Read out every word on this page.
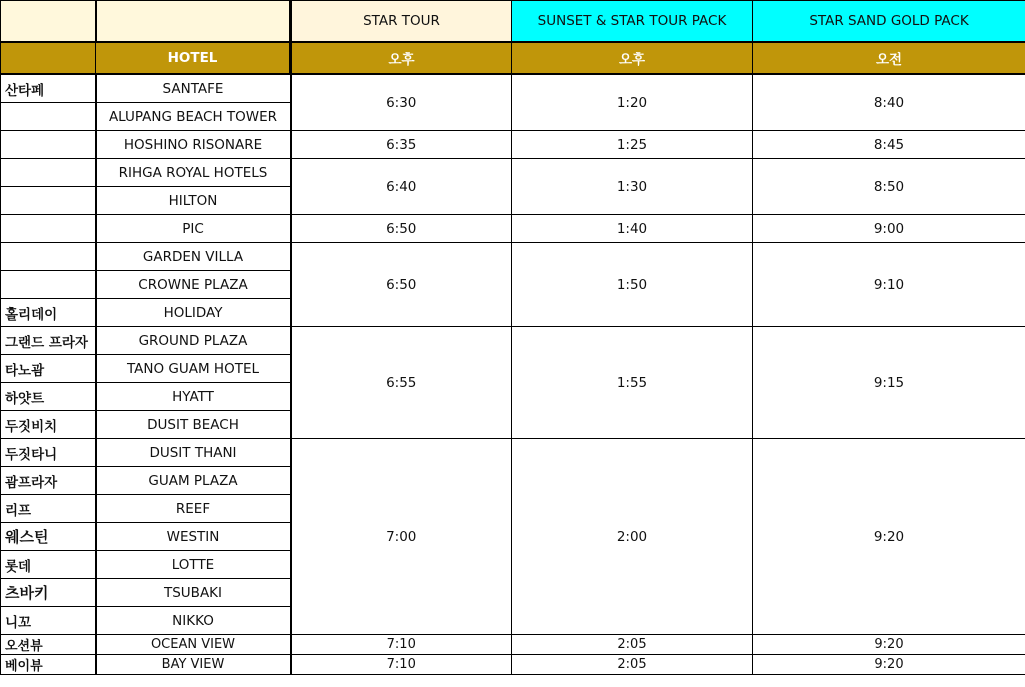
		STAR TOUR	SUNSET & STAR TOUR PACK	STAR SAND GOLD PACK
	HOTEL	오후	오후	오전
산타페	SANTAFE	6:30	1:20	8:40
	ALUPANG BEACH TOWER			
	HOSHINO RISONARE	6:35	1:25	8:45
	RIHGA ROYAL HOTELS	6:40	1:30	8:50
	HILTON			
	PIC	6:50	1:40	9:00
	GARDEN VILLA	6:50	1:50	9:10
	CROWNE PLAZA			
홀리데이	HOLIDAY			
그랜드 프라자	GROUND PLAZA	6:55	1:55	9:15
타노괌	TANO GUAM HOTEL			
하얏트	HYATT			
두짓비치	DUSIT BEACH			
두짓타니	DUSIT THANI	7:00	2:00	9:20
괌프라자	GUAM PLAZA			
리프	REEF			
웨스틴	WESTIN			
롯데	LOTTE			
츠바키	TSUBAKI			
니꼬	NIKKO			
오션뷰	OCEAN VIEW	7:10	2:05	9:20
베이뷰	BAY VIEW	7:10	2:05	9:20
